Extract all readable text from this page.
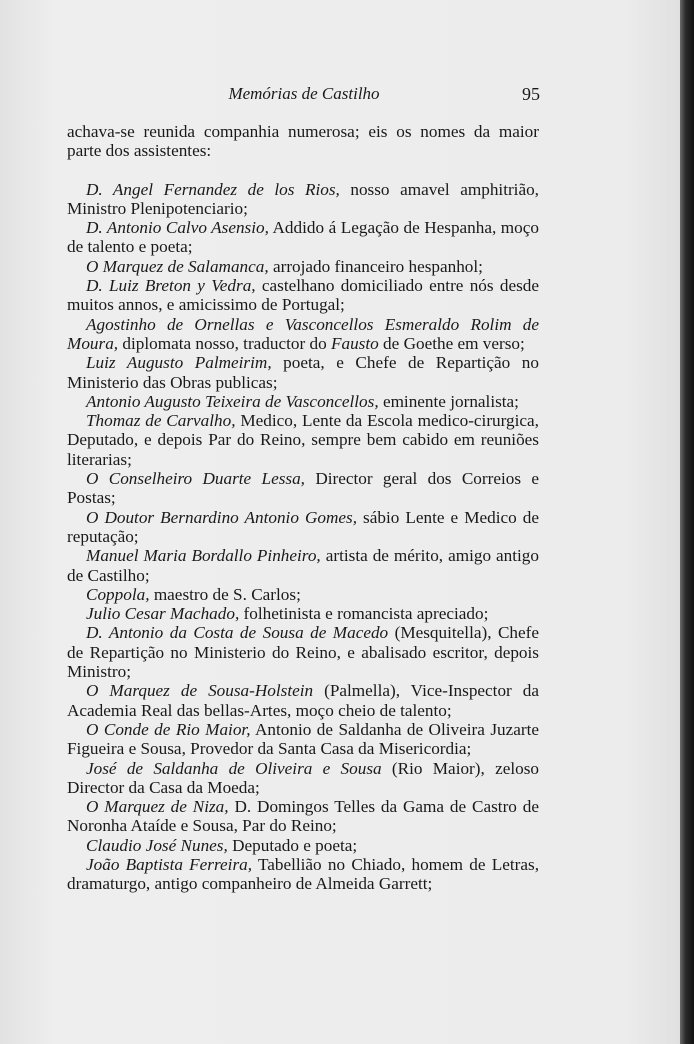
Memórias de Castilho	95

achava-se reunida companhia numerosa; eis os nomes da maior parte dos assistentes:

D. Angel Fernandez de los Rios, nosso amavel amphitrião, Ministro Plenipotenciario;

D. Antonio Calvo Asensio, Addido á Legação de Hespanha, moço de talento e poeta;

O Marquez de Salamanca, arrojado financeiro hespanhol;

D. Luiz Breton y Vedra, castelhano domiciliado entre nós desde muitos annos, e amicissimo de Portugal;

Agostinho de Ornellas e Vasconcellos Esmeraldo Rolim de Moura, diplomata nosso, traductor do Fausto de Goethe em verso;

Luiz Augusto Palmeirim, poeta, e Chefe de Repartição no Ministerio das Obras publicas;

Antonio Augusto Teixeira de Vasconcellos, eminente jornalista;

Thomaz de Carvalho, Medico, Lente da Escola medico-cirurgica, Deputado, e depois Par do Reino, sempre bem cabido em reuniões literarias;

O Conselheiro Duarte Lessa, Director geral dos Correios e Postas;

O Doutor Bernardino Antonio Gomes, sábio Lente e Medico de reputação;

Manuel Maria Bordallo Pinheiro, artista de mérito, amigo antigo de Castilho;

Coppola, maestro de S. Carlos;

Julio Cesar Machado, folhetinista e romancista apreciado;

D. Antonio da Costa de Sousa de Macedo (Mesquitella), Chefe de Repartição no Ministerio do Reino, e abalisado escritor, depois Ministro;

O Marquez de Sousa-Holstein (Palmella), Vice-Inspector da Academia Real das bellas-Artes, moço cheio de talento;

O Conde de Rio Maior, Antonio de Saldanha de Oliveira Juzarte Figueira e Sousa, Provedor da Santa Casa da Misericordia;

José de Saldanha de Oliveira e Sousa (Rio Maior), zeloso Director da Casa da Moeda;

O Marquez de Niza, D. Domingos Telles da Gama de Castro de Noronha Ataíde e Sousa, Par do Reino;

Claudio José Nunes, Deputado e poeta;

João Baptista Ferreira, Tabellião no Chiado, homem de Letras, dramaturgo, antigo companheiro de Almeida Garrett;
